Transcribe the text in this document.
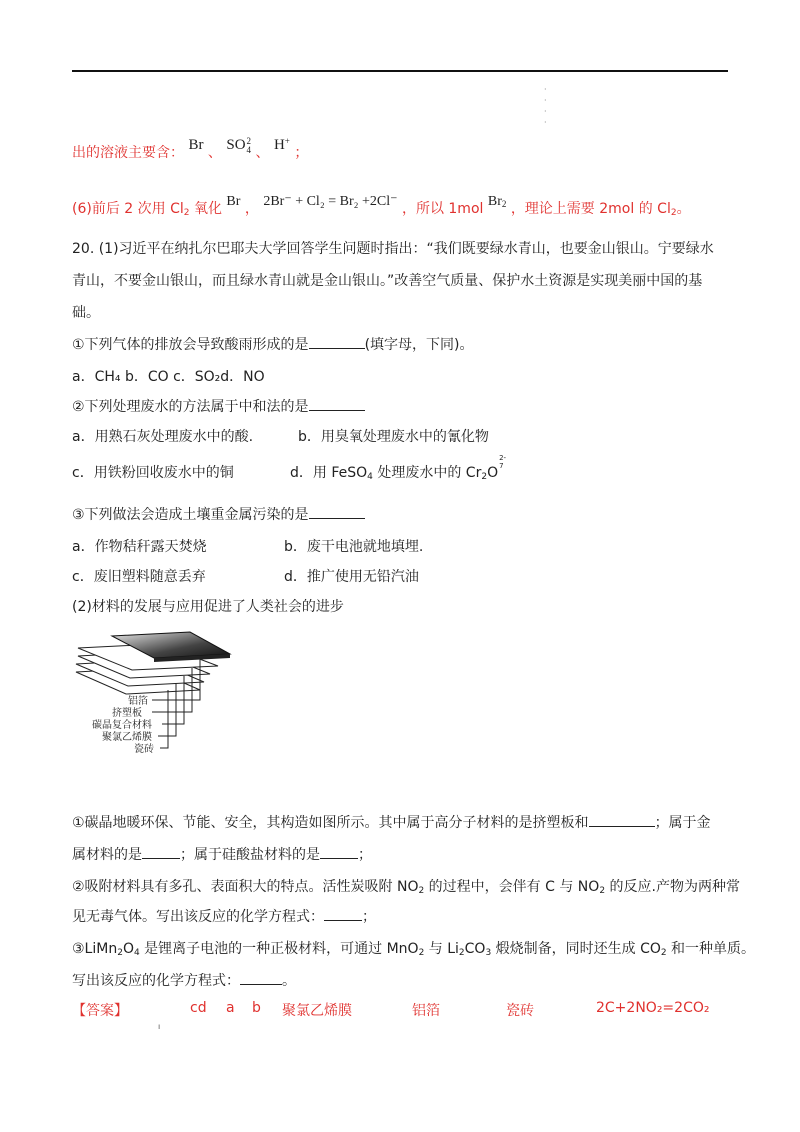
·
·
·
·
出的溶液主要含： Br 、 SO 2
4 、 H+ ；
(6)前后 2 次用 $Cl_2$ 氧化 Br ， 2Br⁻ + Cl₂ = Br₂ +2Cl⁻ ，所以 1mol $Br_2$ ，理论上需要 2mol 的 $Cl_2$。
20. (1)习近平在纳扎尔巴耶夫大学回答学生问题时指出：“我们既要绿水青山，也要金山银山。宁要绿水
青山，不要金山银山，而且绿水青山就是金山银山。”改善空气质量、保护水土资源是实现美丽中国的基
础。
①下列气体的排放会导致酸雨形成的是	(填字母，下同)。
a．CH₄ b．CO c．SO₂d．NO
②下列处理废水的方法属于中和法的是
a．用熟石灰处理废水中的酸.	b．用臭氧处理废水中的氰化物
c．用铁粉回收废水中的铜	d．用 FeSO$_4$ 处理废水中的 $Cr_2O$
2-
7
③下列做法会造成土壤重金属污染的是
a．作物秸秆露天焚烧	b．废干电池就地填埋.
c．废旧塑料随意丢弃	d．推广使用无铅汽油
(2)材料的发展与应用促进了人类社会的进步
铝箔
挤塑板
碳晶复合材料
聚氯乙烯膜
瓷砖
①碳晶地暖环保、节能、安全，其构造如图所示。其中属于高分子材料的是挤塑板和	；属于金
属材料的是	；属于硅酸盐材料的是	；
②吸附材料具有多孔、表面积大的特点。活性炭吸附 $NO_2$ 的过程中，会伴有 C 与 $NO_2$ 的反应.产物为两种常
见无毒气体。写出该反应的化学方程式：	；
$③LiMn_2O_4$ 是锂离子电池的一种正极材料，可通过 MnO$_2$ 与 $Li_2CO_3$ 煅烧制备，同时还生成 $CO_2$ 和一种单质。
写出该反应的化学方程式：	。
【答案】	cd a b 聚氯乙烯膜	铝箔	瓷砖	2C+2NO₂=2CO₂
ı
